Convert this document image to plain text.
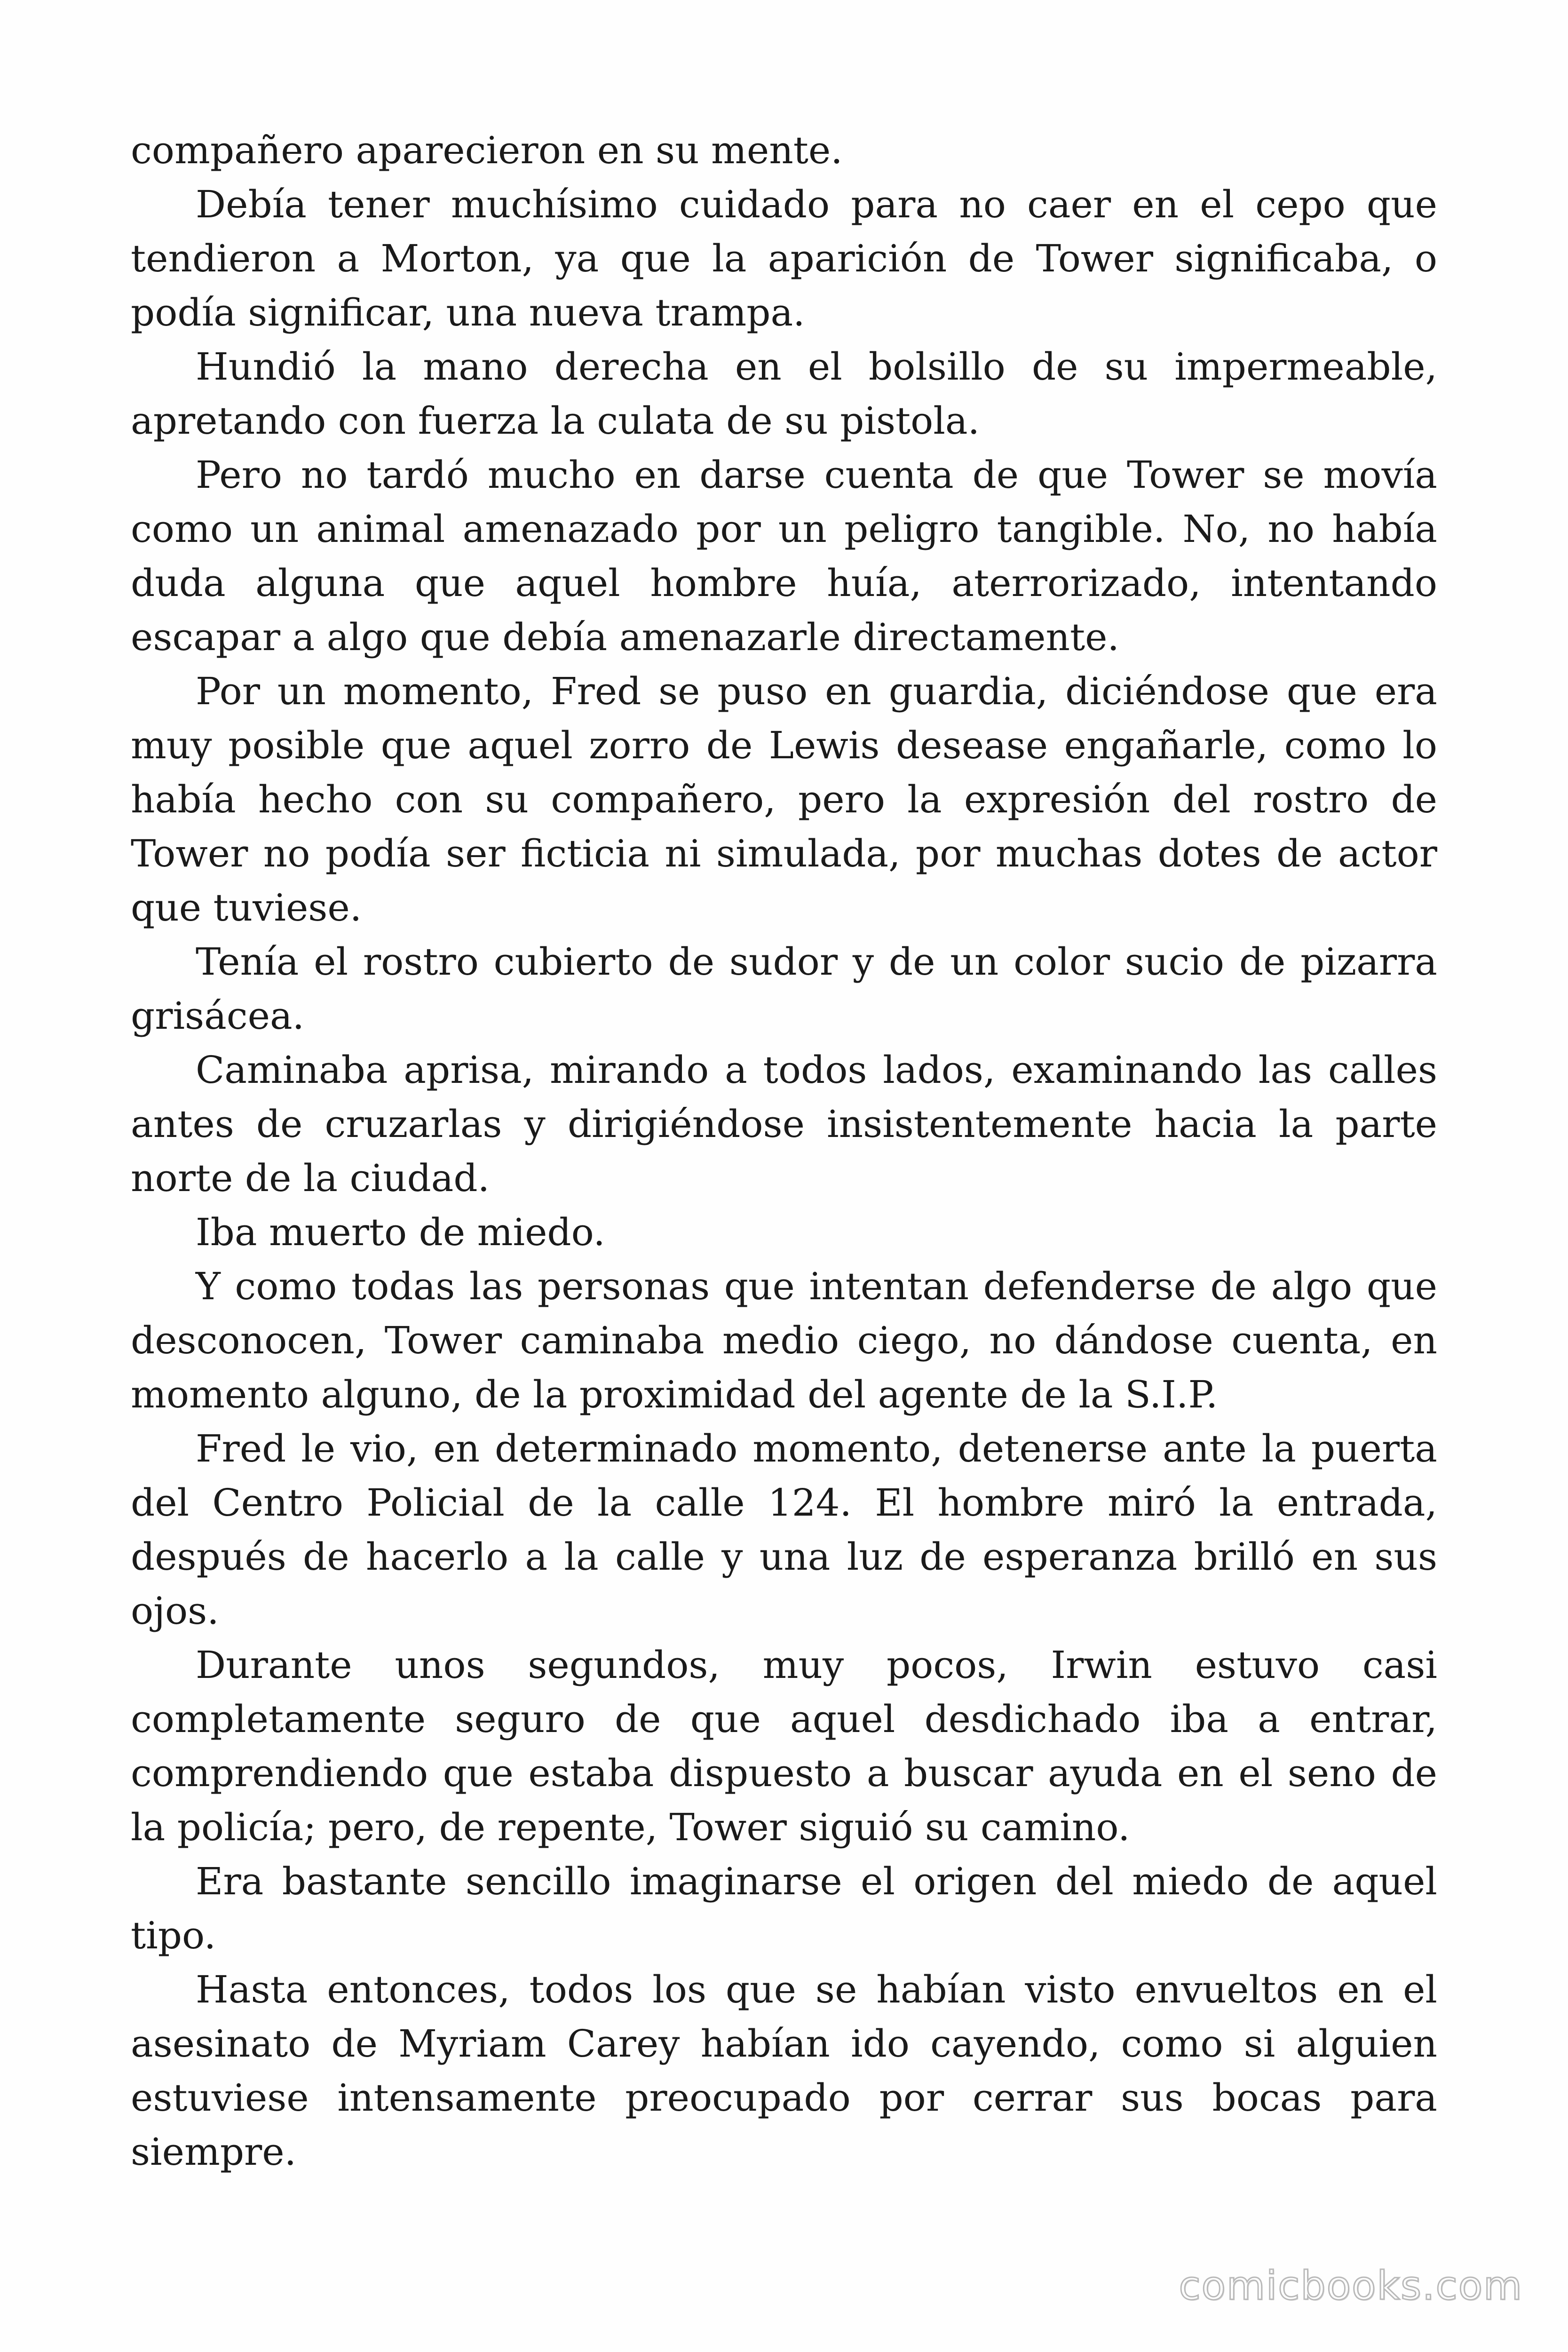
compañero aparecieron en su mente.

Debía tener muchísimo cuidado para no caer en el cepo que tendieron a Morton, ya que la aparición de Tower significaba, o podía significar, una nueva trampa.

Hundió la mano derecha en el bolsillo de su impermeable, apretando con fuerza la culata de su pistola.

Pero no tardó mucho en darse cuenta de que Tower se movía como un animal amenazado por un peligro tangible. No, no había duda alguna que aquel hombre huía, aterrorizado, intentando escapar a algo que debía amenazarle directamente.

Por un momento, Fred se puso en guardia, diciéndose que era muy posible que aquel zorro de Lewis desease engañarle, como lo había hecho con su compañero, pero la expresión del rostro de Tower no podía ser ficticia ni simulada, por muchas dotes de actor que tuviese.

Tenía el rostro cubierto de sudor y de un color sucio de pizarra grisácea.

Caminaba aprisa, mirando a todos lados, examinando las calles antes de cruzarlas y dirigiéndose insistentemente hacia la parte norte de la ciudad.

Iba muerto de miedo.

Y como todas las personas que intentan defenderse de algo que desconocen, Tower caminaba medio ciego, no dándose cuenta, en momento alguno, de la proximidad del agente de la S.I.P.

Fred le vio, en determinado momento, detenerse ante la puerta del Centro Policial de la calle 124. El hombre miró la entrada, después de hacerlo a la calle y una luz de esperanza brilló en sus ojos.

Durante unos segundos, muy pocos, Irwin estuvo casi completamente seguro de que aquel desdichado iba a entrar, comprendiendo que estaba dispuesto a buscar ayuda en el seno de la policía; pero, de repente, Tower siguió su camino.

Era bastante sencillo imaginarse el origen del miedo de aquel tipo.

Hasta entonces, todos los que se habían visto envueltos en el asesinato de Myriam Carey habían ido cayendo, como si alguien estuviese intensamente preocupado por cerrar sus bocas para siempre.

comicbooks.com
